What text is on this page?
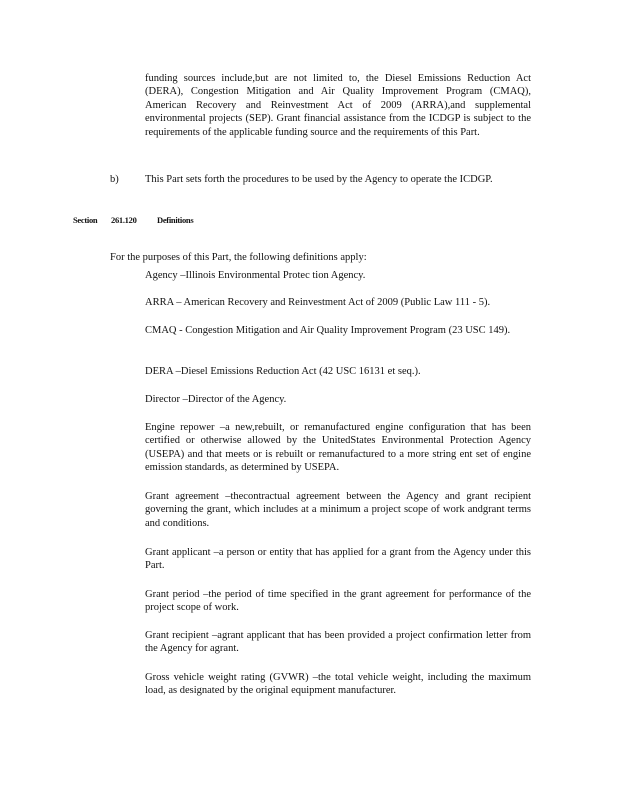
funding sources include,but are not limited to, the Diesel Emissions Reduction Act (DERA), Congestion Mitigation and Air Quality Improvement Program (CMAQ), American Recovery and Reinvestment Act of 2009 (ARRA),and supplemental environmental projects (SEP). Grant financial assistance from the ICDGP is subject to the requirements of the applicable funding source and the requirements of this Part.

b)	This Part sets forth the procedures to be used by the Agency to operate the ICDGP.

Section 261.120 Definitions

For the purposes of this Part, the following definitions apply:

Agency –Illinois Environmental Protec tion Agency.

ARRA – American Recovery and Reinvestment Act of 2009 (Public Law 111 - 5).

CMAQ - Congestion Mitigation and Air Quality Improvement Program (23 USC 149).

DERA –Diesel Emissions Reduction Act (42 USC 16131 et seq.).

Director –Director of the Agency.

Engine repower –a new,rebuilt, or remanufactured engine configuration that has been certified or otherwise allowed by the UnitedStates Environmental Protection Agency (USEPA) and that meets or is rebuilt or remanufactured to a more string ent set of engine emission standards, as determined by USEPA.

Grant agreement –thecontractual agreement between the Agency and grant recipient governing the grant, which includes at a minimum a project scope of work andgrant terms and conditions.

Grant applicant –a person or entity that has applied for a grant from the Agency under this Part.

Grant period –the period of time specified in the grant agreement for performance of the project scope of work.

Grant recipient –agrant applicant that has been provided a project confirmation letter from the Agency for agrant.

Gross vehicle weight rating (GVWR) –the total vehicle weight, including the maximum load, as designated by the original equipment manufacturer.
